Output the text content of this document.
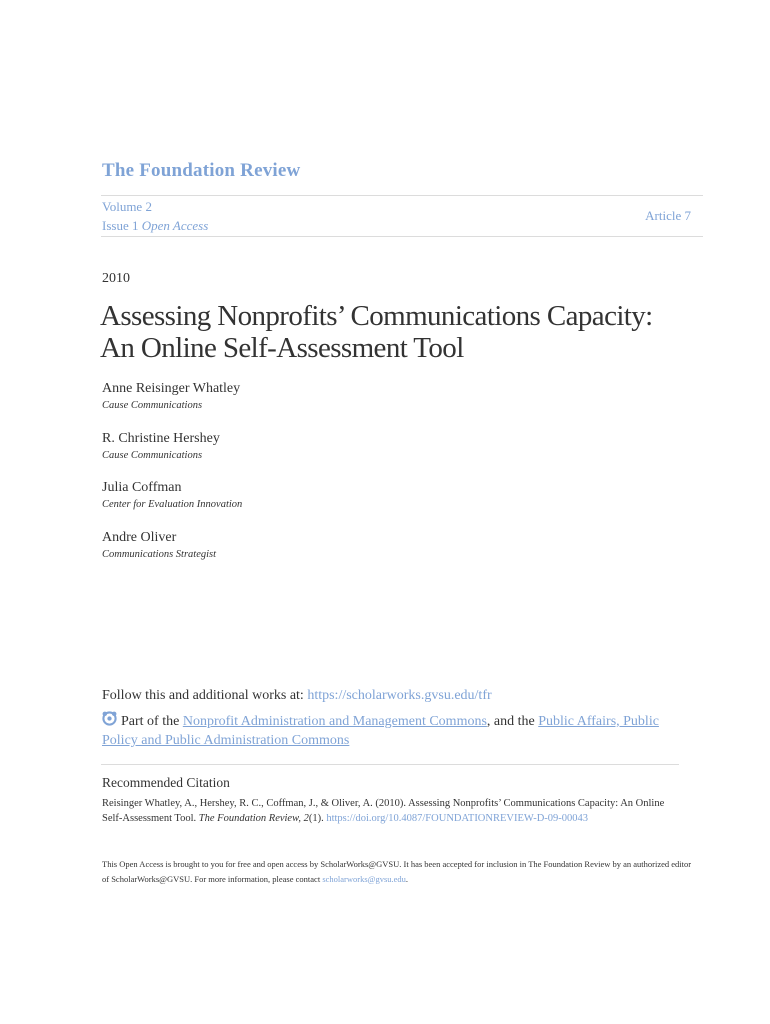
The Foundation Review
Volume 2
Issue 1 Open Access
Article 7
2010
Assessing Nonprofits’ Communications Capacity:
An Online Self-Assessment Tool
Anne Reisinger Whatley
Cause Communications
R. Christine Hershey
Cause Communications
Julia Coffman
Center for Evaluation Innovation
Andre Oliver
Communications Strategist
Follow this and additional works at: https://scholarworks.gvsu.edu/tfr
Part of the Nonprofit Administration and Management Commons, and the Public Affairs, Public Policy and Public Administration Commons
Recommended Citation
Reisinger Whatley, A., Hershey, R. C., Coffman, J., & Oliver, A. (2010). Assessing Nonprofits’ Communications Capacity: An Online Self-Assessment Tool. The Foundation Review, 2(1). https://doi.org/10.4087/FOUNDATIONREVIEW-D-09-00043
This Open Access is brought to you for free and open access by ScholarWorks@GVSU. It has been accepted for inclusion in The Foundation Review by an authorized editor of ScholarWorks@GVSU. For more information, please contact scholarworks@gvsu.edu.
